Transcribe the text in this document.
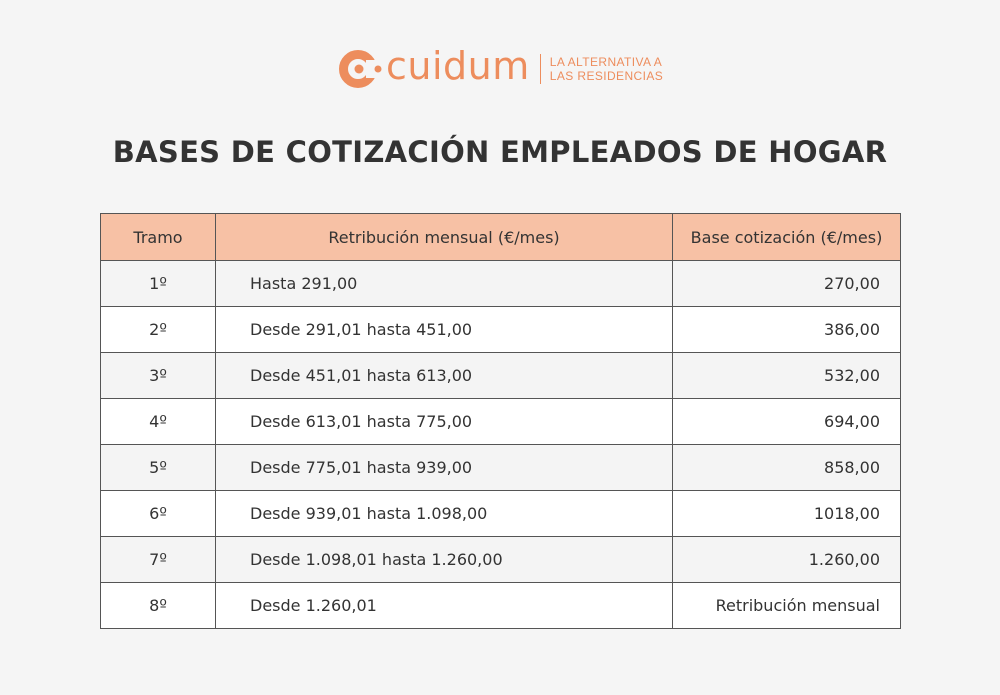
cuidum LA ALTERNATIVA A
LAS RESIDENCIAS
BASES DE COTIZACIÓN EMPLEADOS DE HOGAR
Tramo	Retribución mensual (€/mes)	Base cotización (€/mes)
1º	Hasta 291,00	270,00
2º	Desde 291,01 hasta 451,00	386,00
3º	Desde 451,01 hasta 613,00	532,00
4º	Desde 613,01 hasta 775,00	694,00
5º	Desde 775,01 hasta 939,00	858,00
6º	Desde 939,01 hasta 1.098,00	1018,00
7º	Desde 1.098,01 hasta 1.260,00	1.260,00
8º	Desde 1.260,01	Retribución mensual
